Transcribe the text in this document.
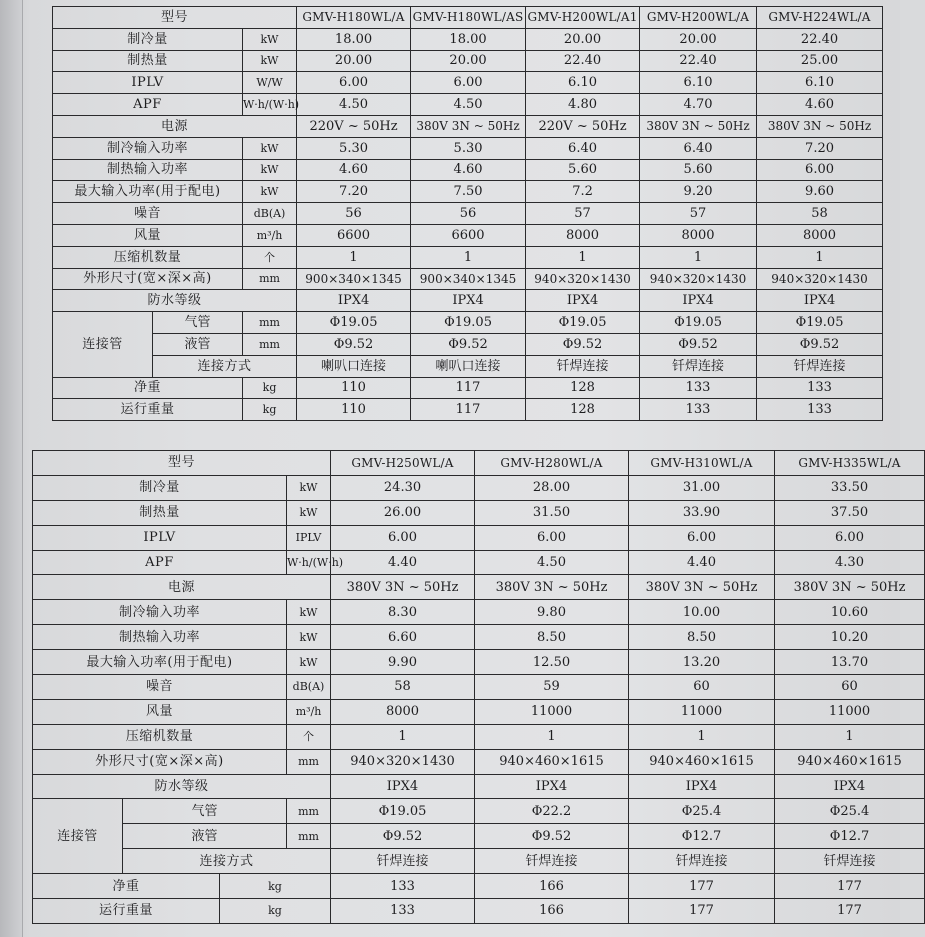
型号			GMV-H180WL/A	GMV-H180WL/AS	GMV-H200WL/A1	GMV-H200WL/A	GMV-H224WL/A
制冷量		kW	18.00	18.00	20.00	20.00	22.40
制热量		kW	20.00	20.00	22.40	22.40	25.00
IPLV		W/W	6.00	6.00	6.10	6.10	6.10
APF		W·h/(W·h)	4.50	4.50	4.80	4.70	4.60
电源			220V ~ 50Hz	380V 3N ~ 50Hz	220V ~ 50Hz	380V 3N ~ 50Hz	380V 3N ~ 50Hz
制冷输入功率		kW	5.30	5.30	6.40	6.40	7.20
制热输入功率		kW	4.60	4.60	5.60	5.60	6.00
最大输入功率(用于配电)		kW	7.20	7.50	7.2	9.20	9.60
噪音		dB(A)	56	56	57	57	58
风量		m³/h	6600	6600	8000	8000	8000
压缩机数量		个	1	1	1	1	1
外形尺寸(宽×深×高)		mm	900×340×1345	900×340×1345	940×320×1430	940×320×1430	940×320×1430
防水等级			IPX4	IPX4	IPX4	IPX4	IPX4
连接管	气管	mm	Φ19.05	Φ19.05	Φ19.05	Φ19.05	Φ19.05
	液管	mm	Φ9.52	Φ9.52	Φ9.52	Φ9.52	Φ9.52
	连接方式		喇叭口连接	喇叭口连接	钎焊连接	钎焊连接	钎焊连接
净重		kg	110	117	128	133	133
运行重量		kg	110	117	128	133	133
型号				GMV-H250WL/A	GMV-H280WL/A	GMV-H310WL/A	GMV-H335WL/A
制冷量			kW	24.30	28.00	31.00	33.50
制热量			kW	26.00	31.50	33.90	37.50
IPLV			IPLV	6.00	6.00	6.00	6.00
APF			W·h/(W·h)	4.40	4.50	4.40	4.30
电源				380V 3N ~ 50Hz	380V 3N ~ 50Hz	380V 3N ~ 50Hz	380V 3N ~ 50Hz
制冷输入功率			kW	8.30	9.80	10.00	10.60
制热输入功率			kW	6.60	8.50	8.50	10.20
最大输入功率(用于配电)			kW	9.90	12.50	13.20	13.70
噪音			dB(A)	58	59	60	60
风量			m³/h	8000	11000	11000	11000
压缩机数量			个	1	1	1	1
外形尺寸(宽×深×高)			mm	940×320×1430	940×460×1615	940×460×1615	940×460×1615
防水等级				IPX4	IPX4	IPX4	IPX4
连接管	气管		mm	Φ19.05	Φ22.2	Φ25.4	Φ25.4
	液管		mm	Φ9.52	Φ9.52	Φ12.7	Φ12.7
	连接方式			钎焊连接	钎焊连接	钎焊连接	钎焊连接
净重		kg		133	166	177	177
运行重量		kg		133	166	177	177
